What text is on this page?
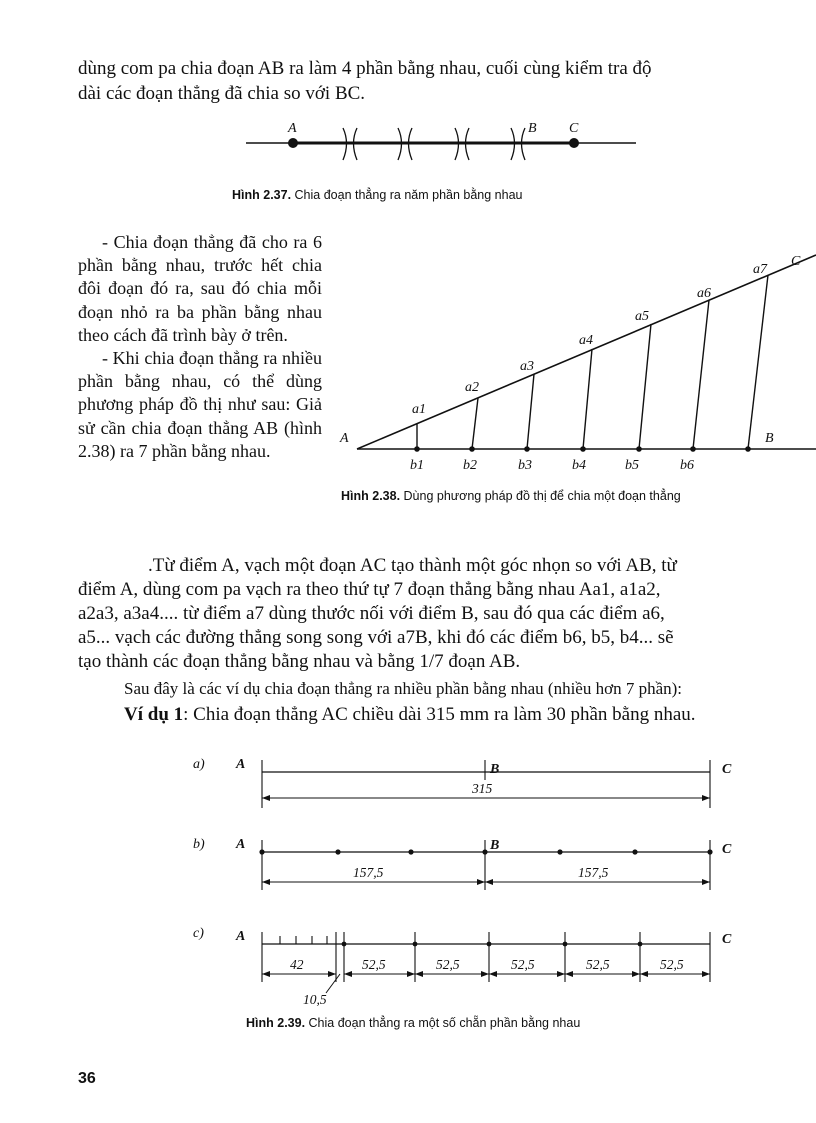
dùng com pa chia đoạn AB ra làm 4 phần bằng nhau, cuối cùng kiểm tra độ
dài các đoạn thẳng đã chia so với BC.
A	B C
Hình 2.37. Chia đoạn thẳng ra năm phần bằng nhau

- Chia đoạn thẳng đã cho ra 6 phần bằng nhau, trước hết chia đôi đoạn đó ra, sau đó chia mỗi đoạn nhỏ ra ba phần bằng nhau theo cách đã trình bày ở trên.

- Khi chia đoạn thẳng ra nhiều phần bằng nhau, có thể dùng phương pháp đồ thị như sau: Giả sử cần chia đoạn thẳng AB (hình 2.38) ra 7 phần bằng nhau.

A	B
C
a1
a2
a3
a4
a5
a6
a7
b1	b2	b3	b4	b5	b6
Hình 2.38. Dùng phương pháp đồ thị để chia một đoạn thẳng
.Từ điểm A, vạch một đoạn AC tạo thành một góc nhọn so với AB, từ
điểm A, dùng com pa vạch ra theo thứ tự 7 đoạn thẳng bằng nhau Aa1, a1a2,
a2a3, a3a4.... từ điểm a7 dùng thước nối với điểm B, sau đó qua các điểm a6,
a5... vạch các đường thẳng song song với a7B, khi đó các điểm b6, b5, b4... sẽ
tạo thành các đoạn thẳng bằng nhau và bằng 1/7 đoạn AB.
Sau đây là các ví dụ chia đoạn thẳng ra nhiều phần bằng nhau (nhiều hơn 7 phần):
Ví dụ 1: Chia đoạn thẳng AC chiều dài 315 mm ra làm 30 phần bằng nhau.
a) A	B	C
315
b) A	B	C
157,5	157,5
c) A	C
42	52,5	52,5	52,5	52,5	52,5
10,5
Hình 2.39. Chia đoạn thẳng ra một số chẵn phần bằng nhau
36
